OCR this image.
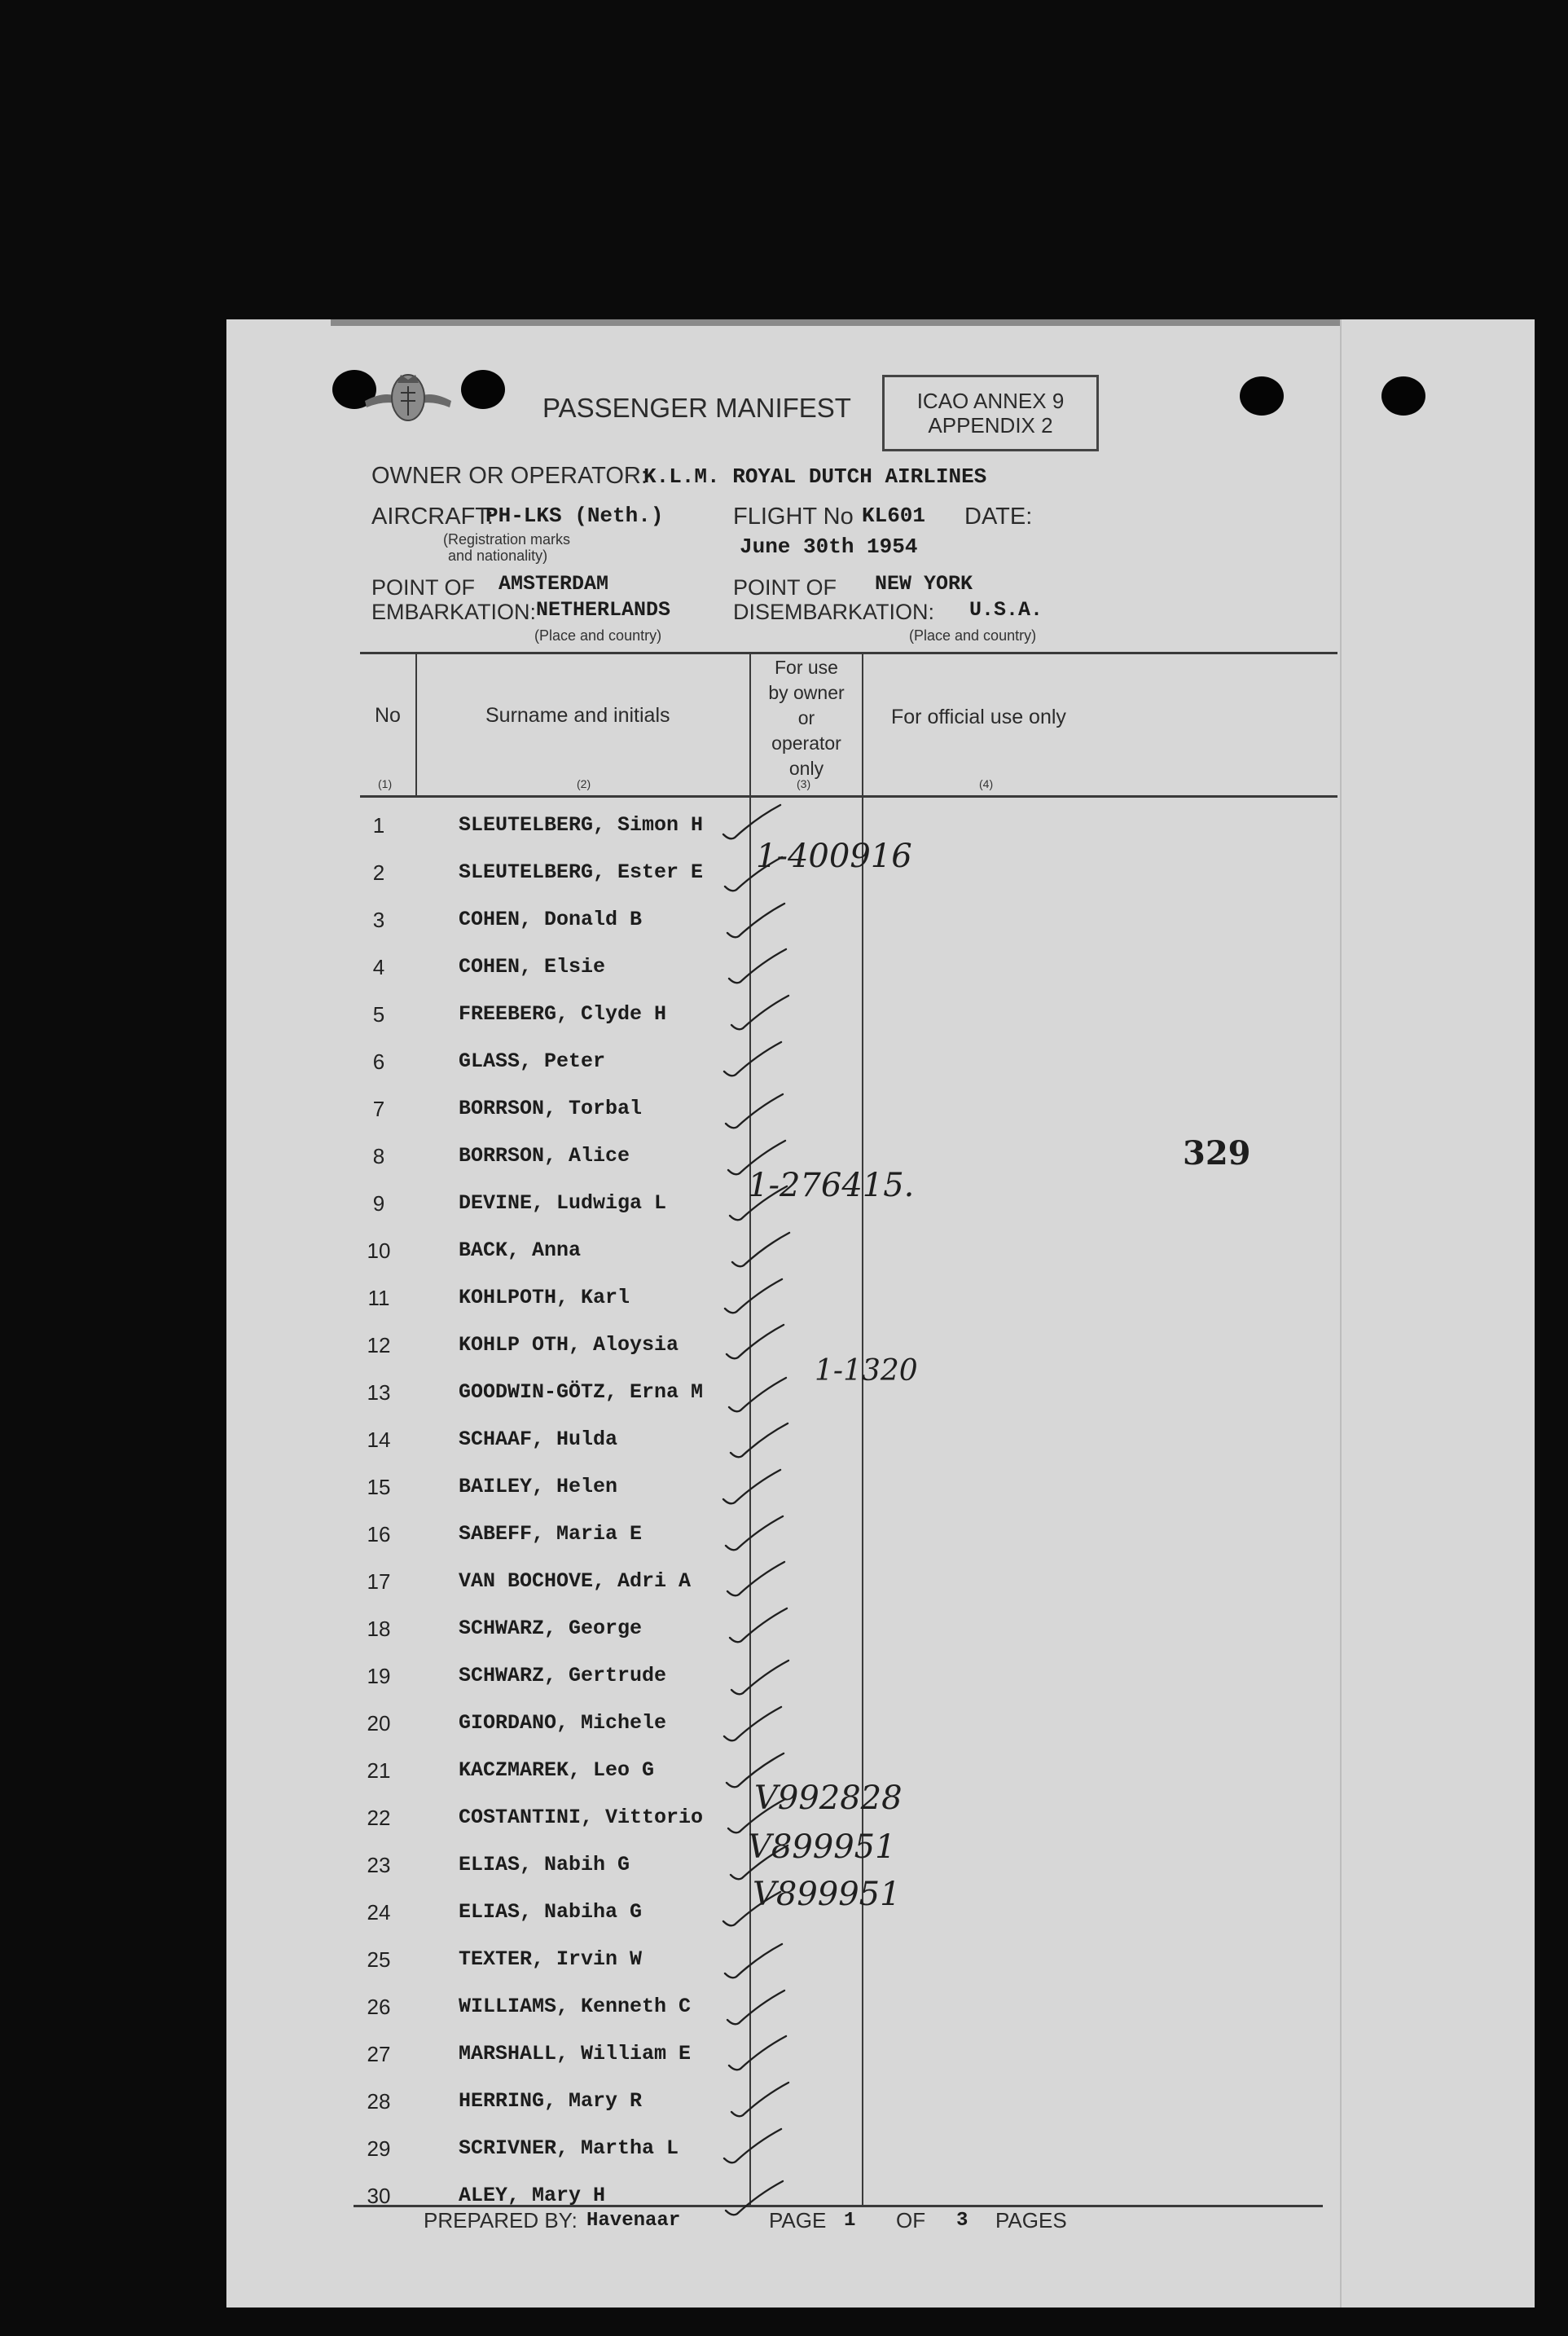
PASSENGER MANIFEST	ICAO ANNEX 9
APPENDIX 2
OWNER OR OPERATOR:
K.L.M. ROYAL DUTCH AIRLINES
AIRCRAFT:
PH-LKS (Neth.)
(Registration marks
and nationality)
FLIGHT No KL601 DATE:
June 30th 1954
POINT OF
EMBARKATION:
AMSTERDAM
NETHERLANDS
(Place and country)
POINT OF
DISEMBARKATION:
NEW YORK
U.S.A.
(Place and country)
No
(1)
Surname and initials
(2)
For use
by owner
or
operator
only
(3)
For official use only
(4)
1	SLEUTELBERG, Simon H
2	SLEUTELBERG, Ester E
3	COHEN, Donald B
4	COHEN, Elsie
5	FREEBERG, Clyde H
6	GLASS, Peter
7	BORRSON, Torbal
8	BORRSON, Alice
9	DEVINE, Ludwiga L
10	BACK, Anna
11	KOHLPOTH, Karl
12	KOHLP OTH, Aloysia
13	GOODWIN-GÖTZ, Erna M
14	SCHAAF, Hulda
15	BAILEY, Helen
16	SABEFF, Maria E
17	VAN BOCHOVE, Adri A
18	SCHWARZ, George
19	SCHWARZ, Gertrude
20	GIORDANO, Michele
21	KACZMAREK, Leo G
22	COSTANTINI, Vittorio
23	ELIAS, Nabih G
24	ELIAS, Nabiha G
25	TEXTER, Irvin W
26	WILLIAMS, Kenneth C
27	MARSHALL, William E
28	HERRING, Mary R
29	SCRIVNER, Martha L
30	ALEY, Mary H
1-400916
1-276415.
1-1320
V992828
V899951
V899951
PREPARED BY: Havenaar	PAGE 1 OF 3 PAGES
329
